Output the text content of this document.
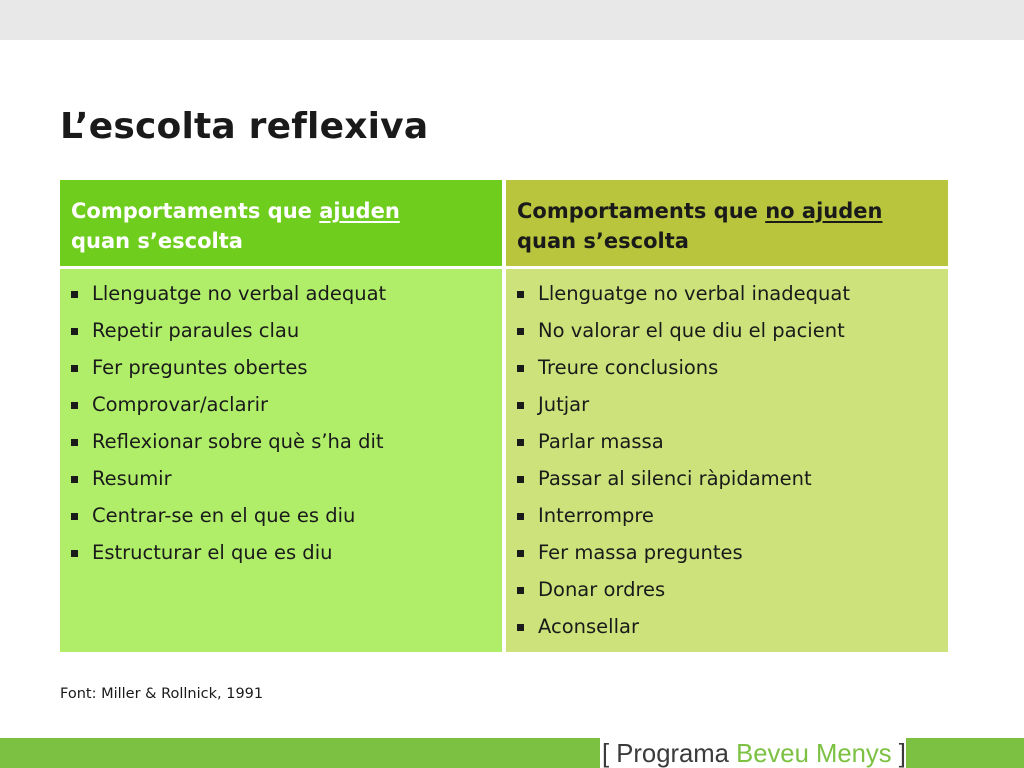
L’escolta reflexiva
Comportaments que ajuden
quan s’escolta
Comportaments que no ajuden
quan s’escolta
Llenguatge no verbal adequat
Repetir paraules clau
Fer preguntes obertes
Comprovar/aclarir
Reflexionar sobre què s’ha dit
Resumir
Centrar-se en el que es diu
Estructurar el que es diu
Llenguatge no verbal inadequat
No valorar el que diu el pacient
Treure conclusions
Jutjar
Parlar massa
Passar al silenci ràpidament
Interrompre
Fer massa preguntes
Donar ordres
Aconsellar
Font: Miller & Rollnick, 1991
[ Programa Beveu Menys ]
